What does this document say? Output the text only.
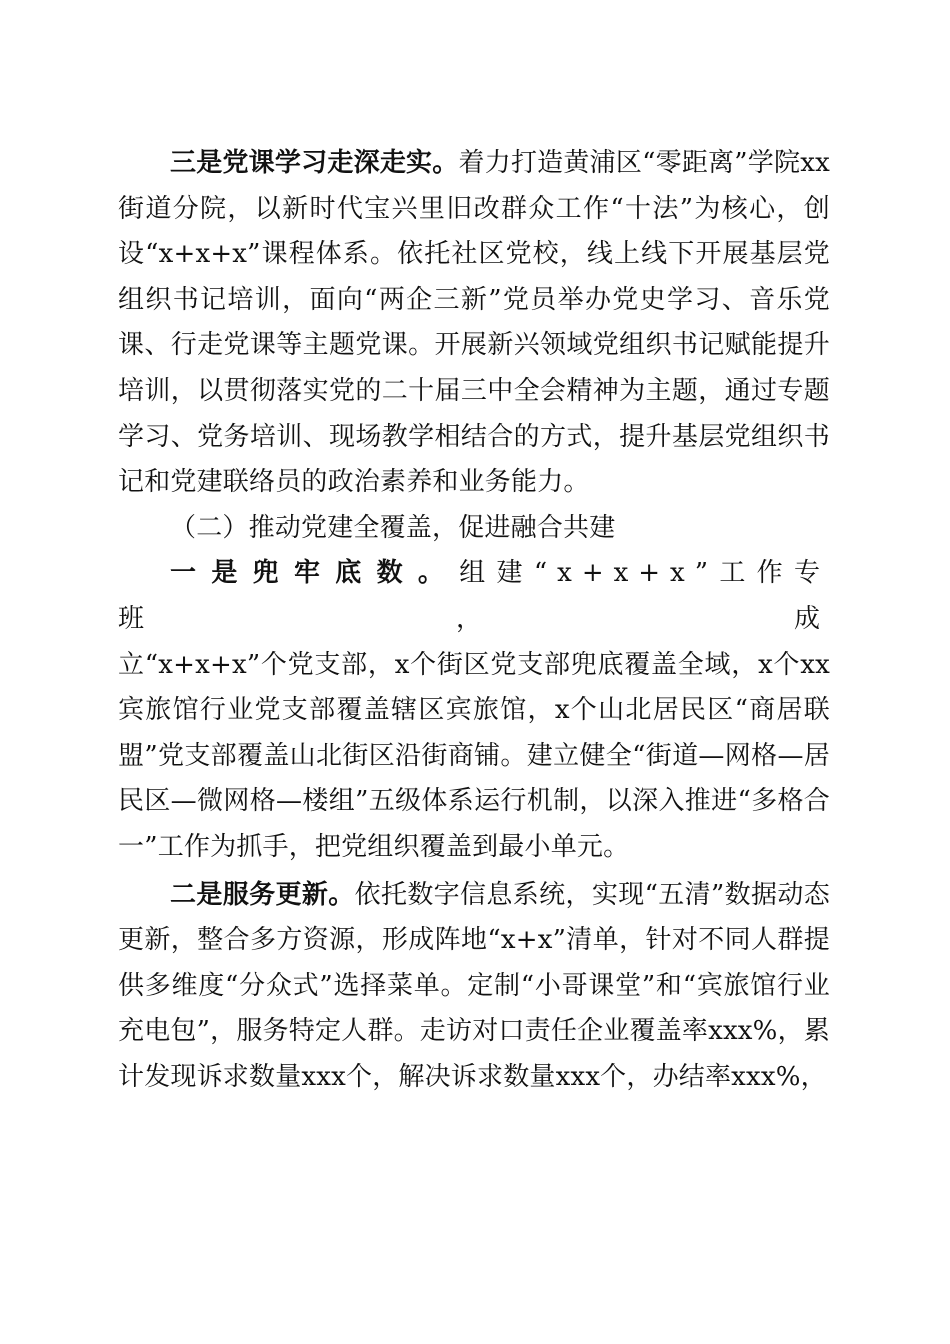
三是党课学习走深走实。着力打造黄浦区“零距离”学院xx街道分院，以新时代宝兴里旧改群众工作“十法”为核心，创设“x+x+x”课程体系。依托社区党校，线上线下开展基层党组织书记培训，面向“两企三新”党员举办党史学习、音乐党课、行走党课等主题党课。开展新兴领域党组织书记赋能提升培训，以贯彻落实党的二十届三中全会精神为主题，通过专题学习、党务培训、现场教学相结合的方式，提升基层党组织书记和党建联络员的政治素养和业务能力。

（二）推动党建全覆盖，促进融合共建

一是兜牢底数。组建“x+x+x”工作专班，成
立“x+x+x”个党支部，x个街区党支部兜底覆盖全域，x个xx宾旅馆行业党支部覆盖辖区宾旅馆，x个山北居民区“商居联盟”党支部覆盖山北街区沿街商铺。建立健全“街道—网格—居民区—微网格—楼组”五级体系运行机制，以深入推进“多格合一”工作为抓手，把党组织覆盖到最小单元。

二是服务更新。依托数字信息系统，实现“五清”数据动态更新，整合多方资源，形成阵地“x+x”清单，针对不同人群提供多维度“分众式”选择菜单。定制“小哥课堂”和“宾旅馆行业充电包”，服务特定人群。走访对口责任企业覆盖率xxx%，累计发现诉求数量xxx个，解决诉求数量xxx个，办结率xxx%，
